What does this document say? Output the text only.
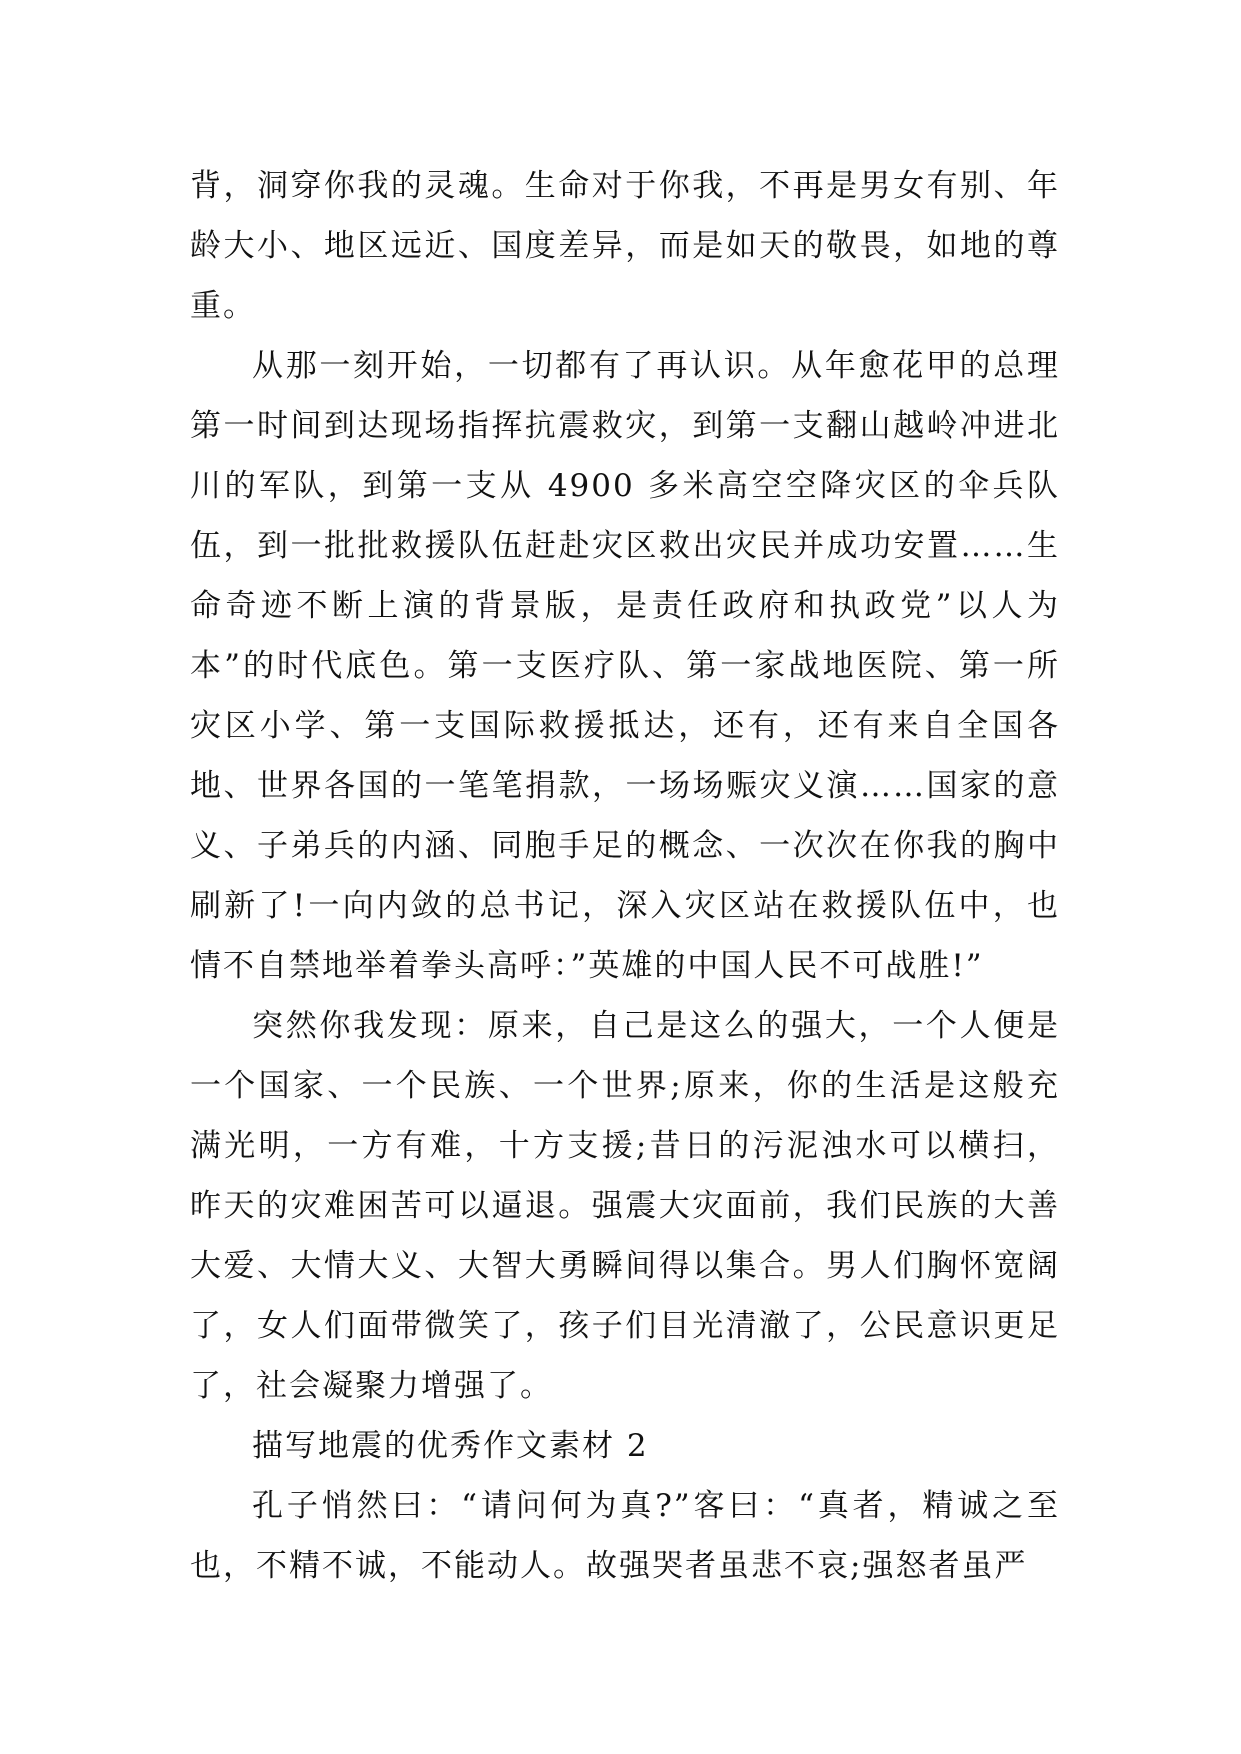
背，洞穿你我的灵魂。生命对于你我，不再是男女有别、年龄大小、地区远近、国度差异，而是如天的敬畏，如地的尊重。

从那一刻开始，一切都有了再认识。从年愈花甲的总理第一时间到达现场指挥抗震救灾，到第一支翻山越岭冲进北川的军队，到第一支从 4900 多米高空空降灾区的伞兵队伍，到一批批救援队伍赶赴灾区救出灾民并成功安置……生命奇迹不断上演的背景版，是责任政府和执政党”以人为本”的时代底色。第一支医疗队、第一家战地医院、第一所灾区小学、第一支国际救援抵达，还有，还有来自全国各地、世界各国的一笔笔捐款，一场场赈灾义演……国家的意义、子弟兵的内涵、同胞手足的概念、一次次在你我的胸中刷新了!一向内敛的总书记，深入灾区站在救援队伍中，也情不自禁地举着拳头高呼：”英雄的中国人民不可战胜!”

突然你我发现：原来，自己是这么的强大，一个人便是一个国家、一个民族、一个世界;原来，你的生活是这般充满光明，一方有难，十方支援;昔日的污泥浊水可以横扫，昨天的灾难困苦可以逼退。强震大灾面前，我们民族的大善大爱、大情大义、大智大勇瞬间得以集合。男人们胸怀宽阔了，女人们面带微笑了，孩子们目光清澈了，公民意识更足了，社会凝聚力增强了。

描写地震的优秀作文素材 2

孔子悄然曰：“请问何为真?”客曰：“真者，精诚之至也，不精不诚，不能动人。故强哭者虽悲不哀;强怒者虽严
